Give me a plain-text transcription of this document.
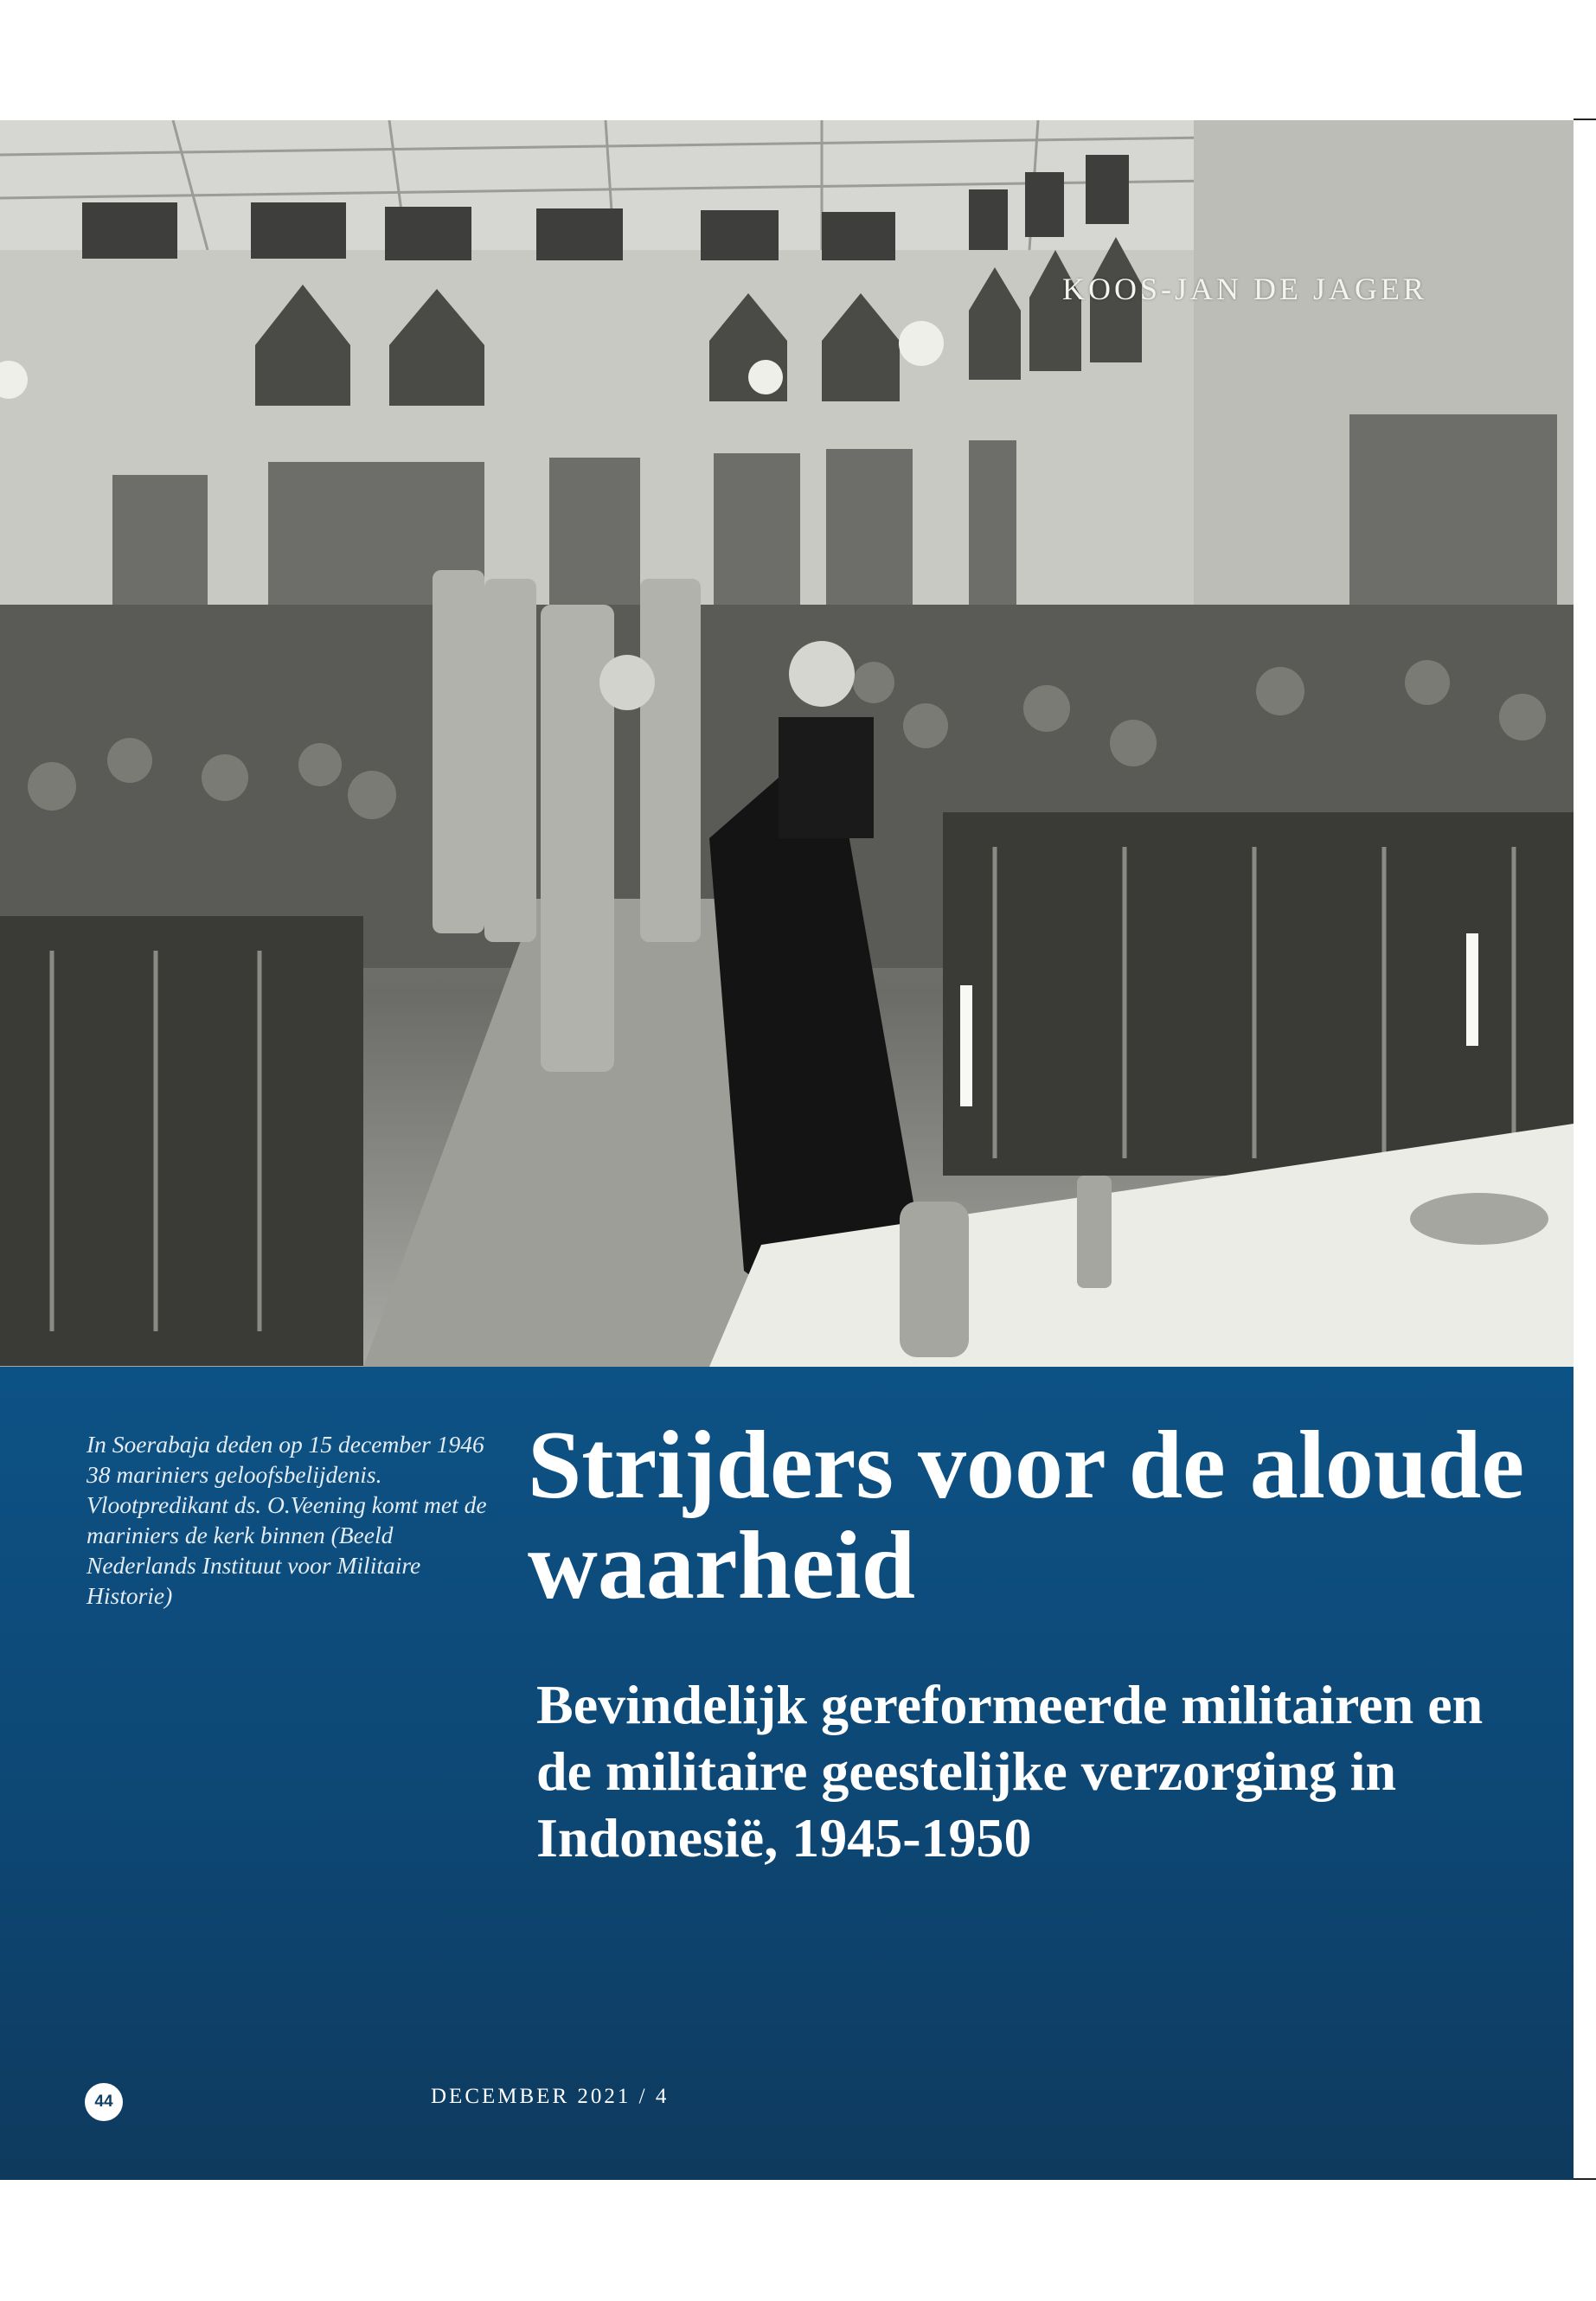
KOOS-JAN DE JAGER
In Soerabaja deden op 15 december 1946 38 mariniers geloofsbelijdenis. Vlootpredikant ds. O.Veening komt met de mariniers de kerk binnen (Beeld Nederlands Instituut voor Militaire Historie)
Strijders voor de aloude waarheid
Bevindelijk gereformeerde militairen en de militaire geestelijke verzorging in Indonesië, 1945-1950
44	DECEMBER 2021 / 4
